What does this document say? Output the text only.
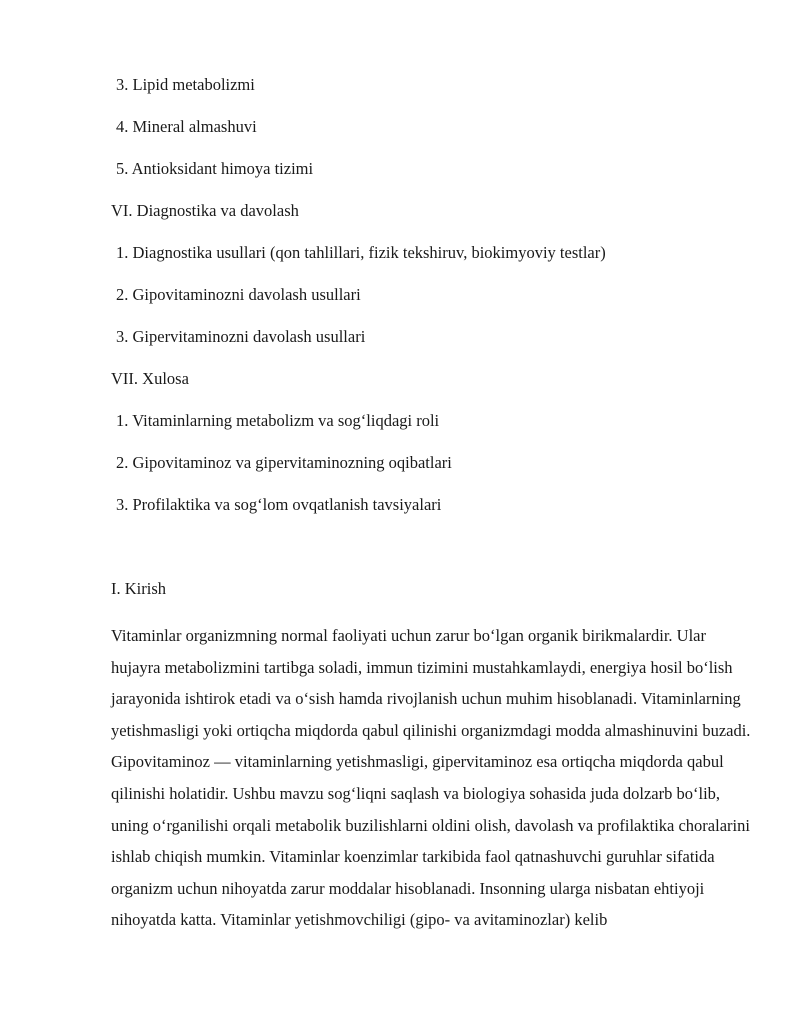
3. Lipid metabolizmi
4. Mineral almashuvi
5. Antioksidant himoya tizimi
VI. Diagnostika va davolash
1. Diagnostika usullari (qon tahlillari, fizik tekshiruv, biokimyoviy testlar)
2. Gipovitaminozni davolash usullari
3. Gipervitaminozni davolash usullari
VII. Xulosa
1. Vitaminlarning metabolizm va sog‘liqdagi roli
2. Gipovitaminoz va gipervitaminozning oqibatlari
3. Profilaktika va sog‘lom ovqatlanish tavsiyalari
I. Kirish

Vitaminlar organizmning normal faoliyati uchun zarur bo‘lgan organik birikmalardir. Ular hujayra metabolizmini tartibga soladi, immun tizimini mustahkamlaydi, energiya hosil bo‘lish jarayonida ishtirok etadi va o‘sish hamda rivojlanish uchun muhim hisoblanadi. Vitaminlarning yetishmasligi yoki ortiqcha miqdorda qabul qilinishi organizmdagi modda almashinuvini buzadi. Gipovitaminoz — vitaminlarning yetishmasligi, gipervitaminoz esa ortiqcha miqdorda qabul qilinishi holatidir. Ushbu mavzu sog‘liqni saqlash va biologiya sohasida juda dolzarb bo‘lib, uning o‘rganilishi orqali metabolik buzilishlarni oldini olish, davolash va profilaktika choralarini ishlab chiqish mumkin. Vitaminlar koenzimlar tarkibida faol qatnashuvchi guruhlar sifatida organizm uchun nihoyatda zarur moddalar hisoblanadi. Insonning ularga nisbatan ehtiyoji nihoyatda katta. Vitaminlar yetishmovchiligi (gipo- va avitaminozlar) kelib
